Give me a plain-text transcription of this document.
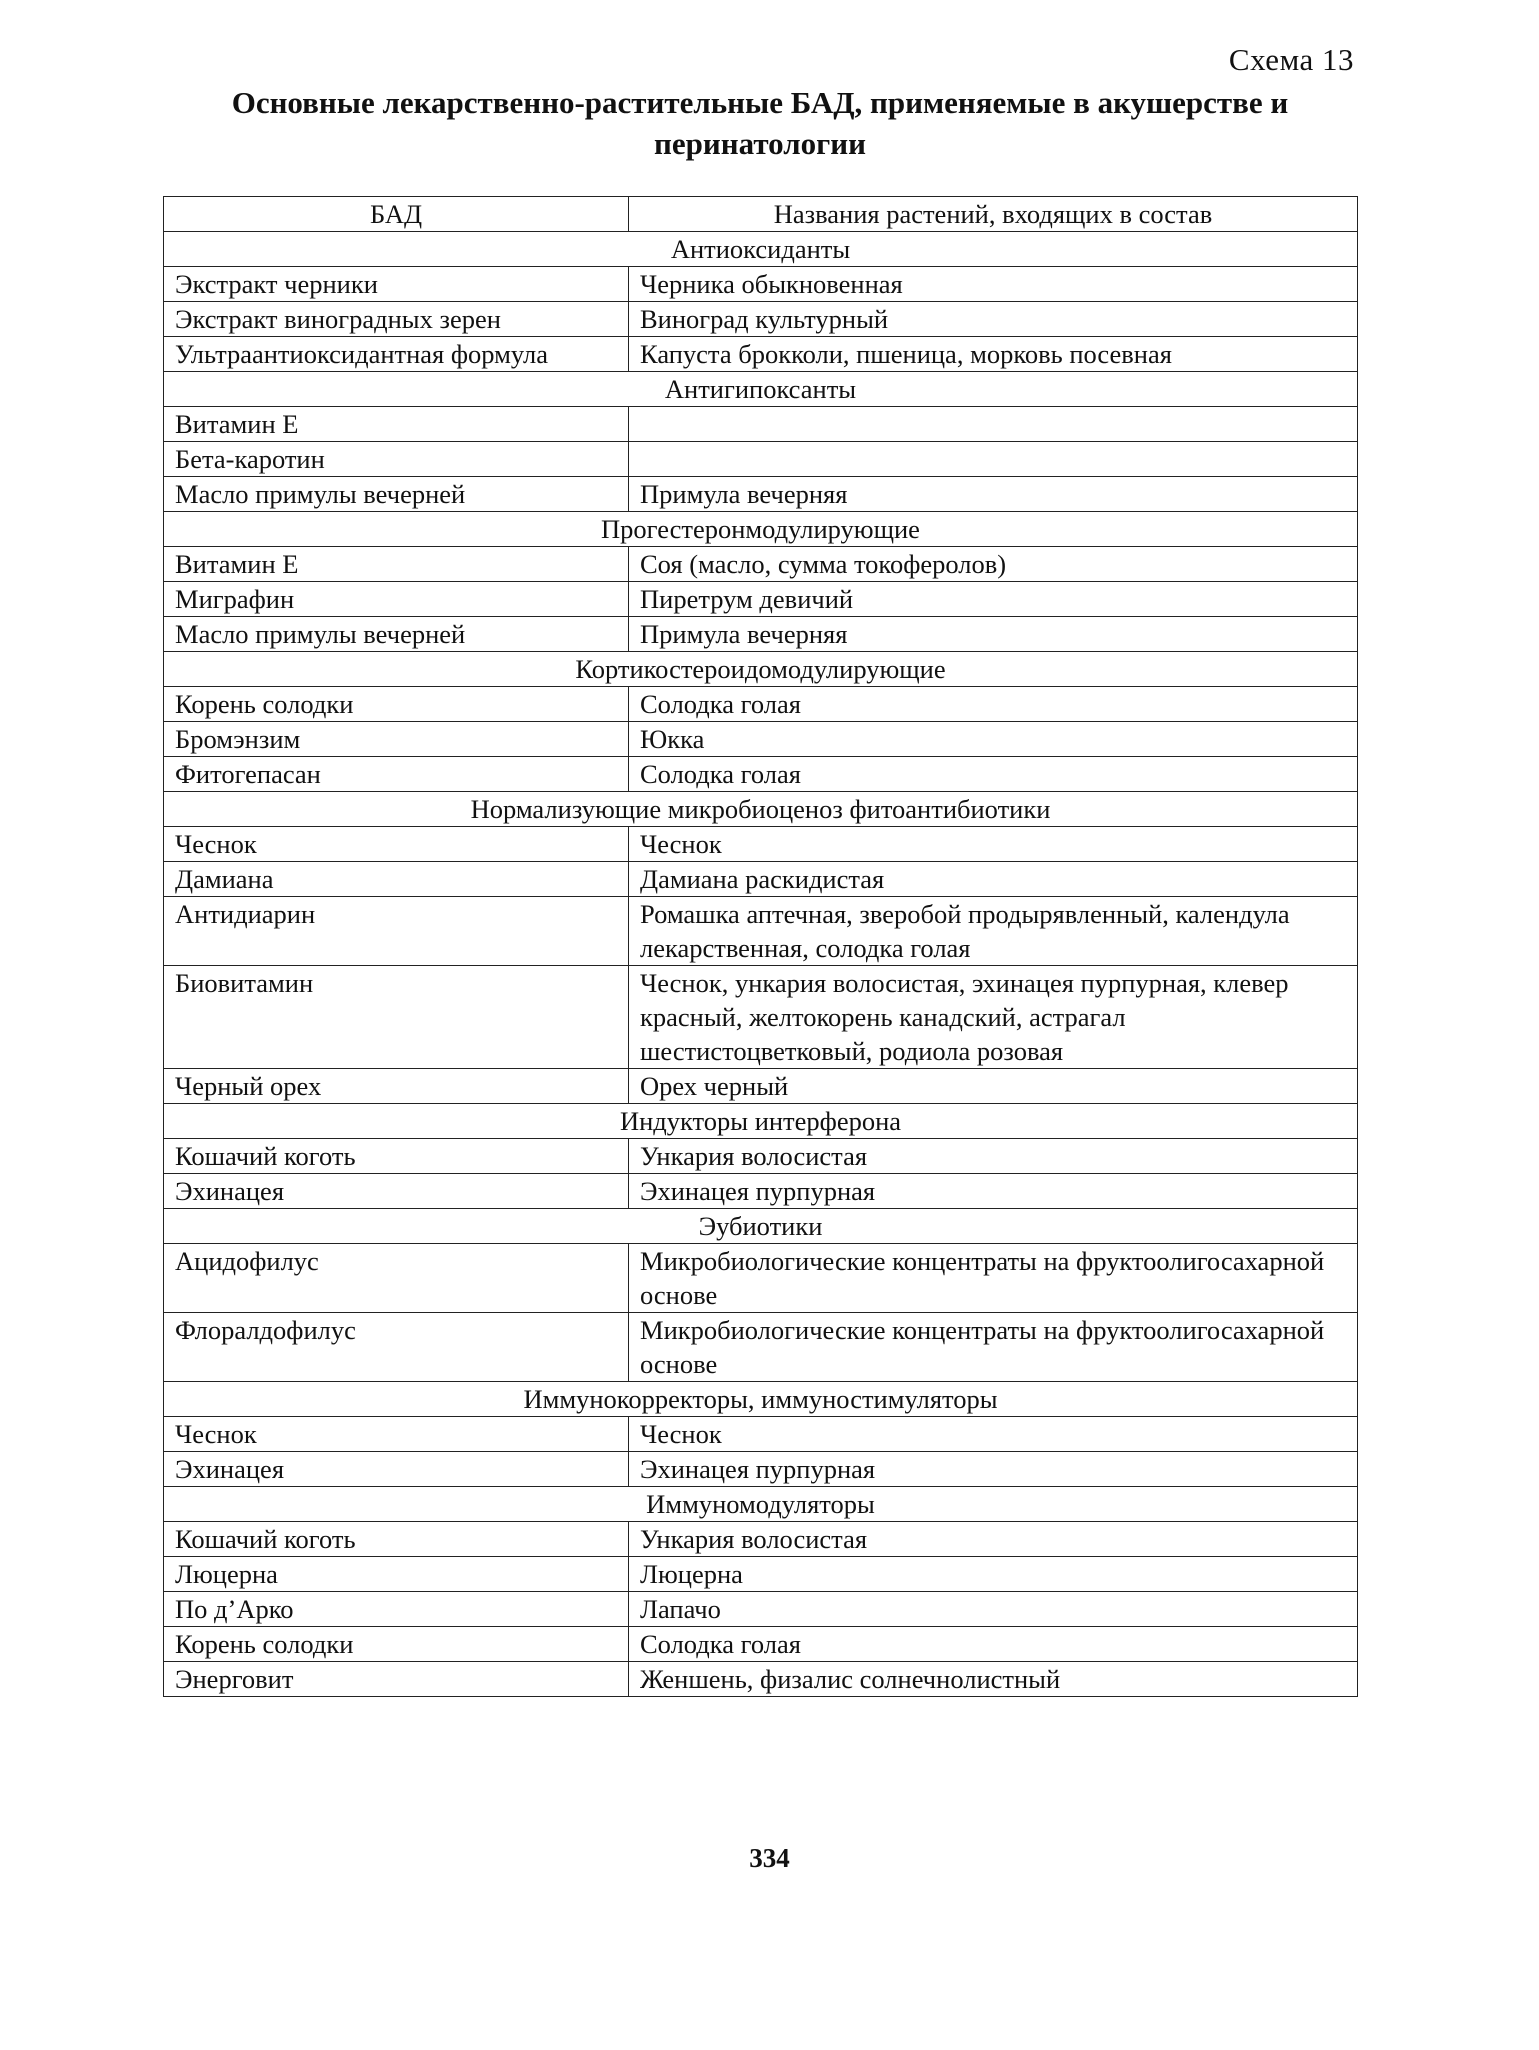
Схема 13
Основные лекарственно-растительные БАД, применяемые в акушерстве и перинатологии
БАД	Названия растений, входящих в состав
Антиоксиданты	
Экстракт черники	Черника обыкновенная
Экстракт виноградных зерен	Виноград культурный
Ультраантиоксидантная формула	Капуста брокколи, пшеница, морковь посевная
Антигипоксанты	
Витамин Е	
Бета-каротин	
Масло примулы вечерней	Примула вечерняя
Прогестеронмодулирующие	
Витамин Е	Соя (масло, сумма токоферолов)
Миграфин	Пиретрум девичий
Масло примулы вечерней	Примула вечерняя
Кортикостероидомодулирующие	
Корень солодки	Солодка голая
Бромэнзим	Юкка
Фитогепасан	Солодка голая
Нормализующие микробиоценоз фитоантибиотики	
Чеснок	Чеснок
Дамиана	Дамиана раскидистая
Антидиарин	Ромашка аптечная, зверобой продырявленный, календула лекарственная, солодка голая
Биовитамин	Чеснок, ункария волосистая, эхинацея пурпурная, клевер красный, желтокорень канадский, астрагал шестистоцветковый, родиола розовая
Черный орех	Орех черный
Индукторы интерферона	
Кошачий коготь	Ункария волосистая
Эхинацея	Эхинацея пурпурная
Эубиотики	
Ацидофилус	Микробиологические концентраты на фруктоолигосахарной основе
Флоралдофилус	Микробиологические концентраты на фруктоолигосахарной основе
Иммунокорректоры, иммуностимуляторы	
Чеснок	Чеснок
Эхинацея	Эхинацея пурпурная
Иммуномодуляторы	
Кошачий коготь	Ункария волосистая
Люцерна	Люцерна
По д’Арко	Лапачо
Корень солодки	Солодка голая
Энерговит	Женшень, физалис солнечнолистный
334
